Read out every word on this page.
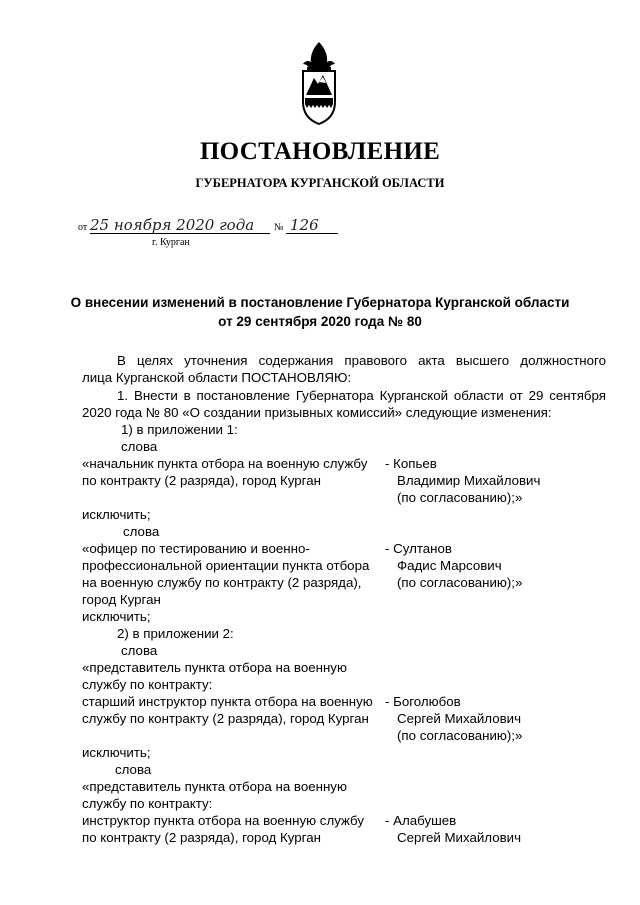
ПОСТАНОВЛЕНИЕ
ГУБЕРНАТОРА КУРГАНСКОЙ ОБЛАСТИ
от 25 ноября 2020 года № 126
г. Курган
О внесении изменений в постановление Губернатора Курганской области
от 29 сентября 2020 года № 80
В целях уточнения содержания правового акта высшего должностного
лица Курганской области ПОСТАНОВЛЯЮ:
1. Внести в постановление Губернатора Курганской области от 29 сентября
2020 года № 80 «О создании призывных комиссий» следующие изменения:
1) в приложении 1:
слова
«начальник пункта отбора на военную службу
по контракту (2 разряда), город Курган
- Копьев
Владимир Михайлович
(по согласованию);»
исключить;
слова
«офицер по тестированию и военно-
профессиональной ориентации пункта отбора
на военную службу по контракту (2 разряда),
город Курган
- Султанов
Фадис Марсович
(по согласованию);»
исключить;
2) в приложении 2:
слова
«представитель пункта отбора на военную
службу по контракту:
старший инструктор пункта отбора на военную
службу по контракту (2 разряда), город Курган
- Боголюбов
Сергей Михайлович
(по согласованию);»
исключить;
слова
«представитель пункта отбора на военную
службу по контракту:
инструктор пункта отбора на военную службу
по контракту (2 разряда), город Курган
- Алабушев
Сергей Михайлович
